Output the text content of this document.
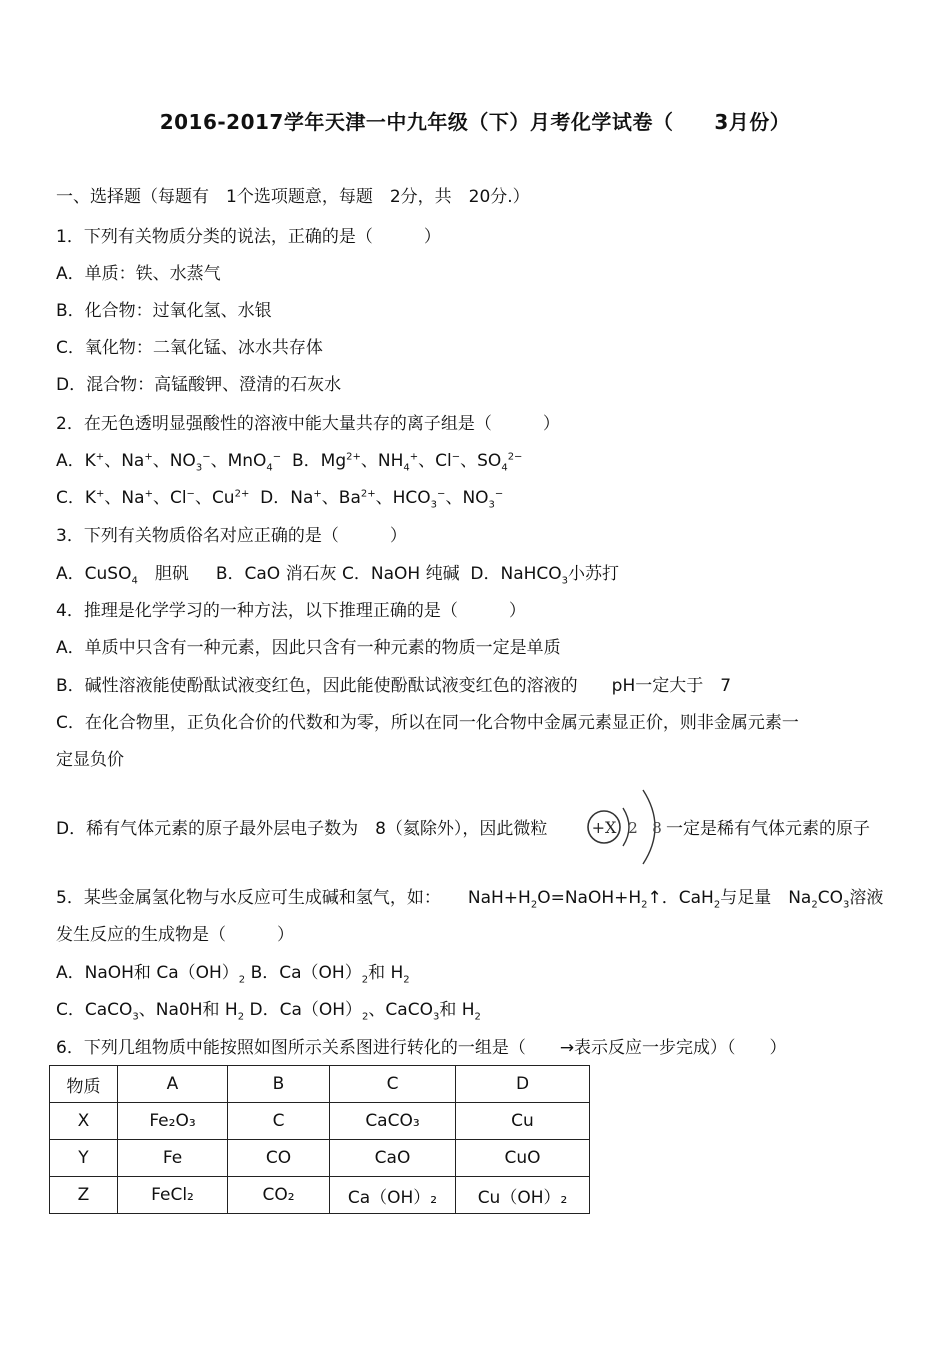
2016-2017学年天津一中九年级（下）月考化学试卷（　　3月份）
一、选择题（每题有　1个选项题意，每题　2分，共　20分.）
1．下列有关物质分类的说法，正确的是（　　　）
A．单质：铁、水蒸气
B．化合物：过氧化氢、水银
C．氧化物：二氧化锰、冰水共存体
D．混合物：高锰酸钾、澄清的石灰水
2．在无色透明显强酸性的溶液中能大量共存的离子组是（　　　）
A．K+、Na+、$NO_3^-$、MnO$_4$− B．$Mg^{2+}$、$NH_4^+$、Cl−、$SO_4^{2-}$
C．K+、Na+、Cl−、$Cu^{2+}$ D．Na+、$Ba^{2+}$、$HCO_3^-$、$NO_3^-$
3．下列有关物质俗名对应正确的是（　　　）
A．CuSO$_4$　胆矾 B．CaO 消石灰 C．NaOH 纯碱 D．NaHCO$_3$小苏打
4．推理是化学学习的一种方法，以下推理正确的是（　　　）
A．单质中只含有一种元素，因此只含有一种元素的物质一定是单质
B．碱性溶液能使酚酞试液变红色，因此能使酚酞试液变红色的溶液的　　pH一定大于　7
C．在化合物里，正负化合价的代数和为零，所以在同一化合物中金属元素显正价，则非金属元素一
定显负价
D．稀有气体元素的原子最外层电子数为　8（氦除外），因此微粒	一定是稀有气体元素的原子
+X 2 8
5．某些金属氢化物与水反应可生成碱和氢气，如： $NaH+H_2O=NaOH+H_2↑$．CaH$_2$与足量　$Na_2CO_3$溶液
发生反应的生成物是（　　　）
A．NaOH和 $Ca(OH)_2$ B．$Ca(OH)_2$和 $H_2$
C．CaCO$_3$、Na0H和 $H_2$ D．$Ca(OH)_2$、CaCO$_3$和 $H_2$
6．下列几组物质中能按照如图所示关系图进行转化的一组是（　　→表示反应一步完成）（　　）
物质	A	B	C	D
X	Fe₂O₃	C	CaCO₃	Cu
Y	Fe	CO	CaO	CuO
Z	FeCl₂	CO₂	Ca（OH）₂	Cu（OH）₂
